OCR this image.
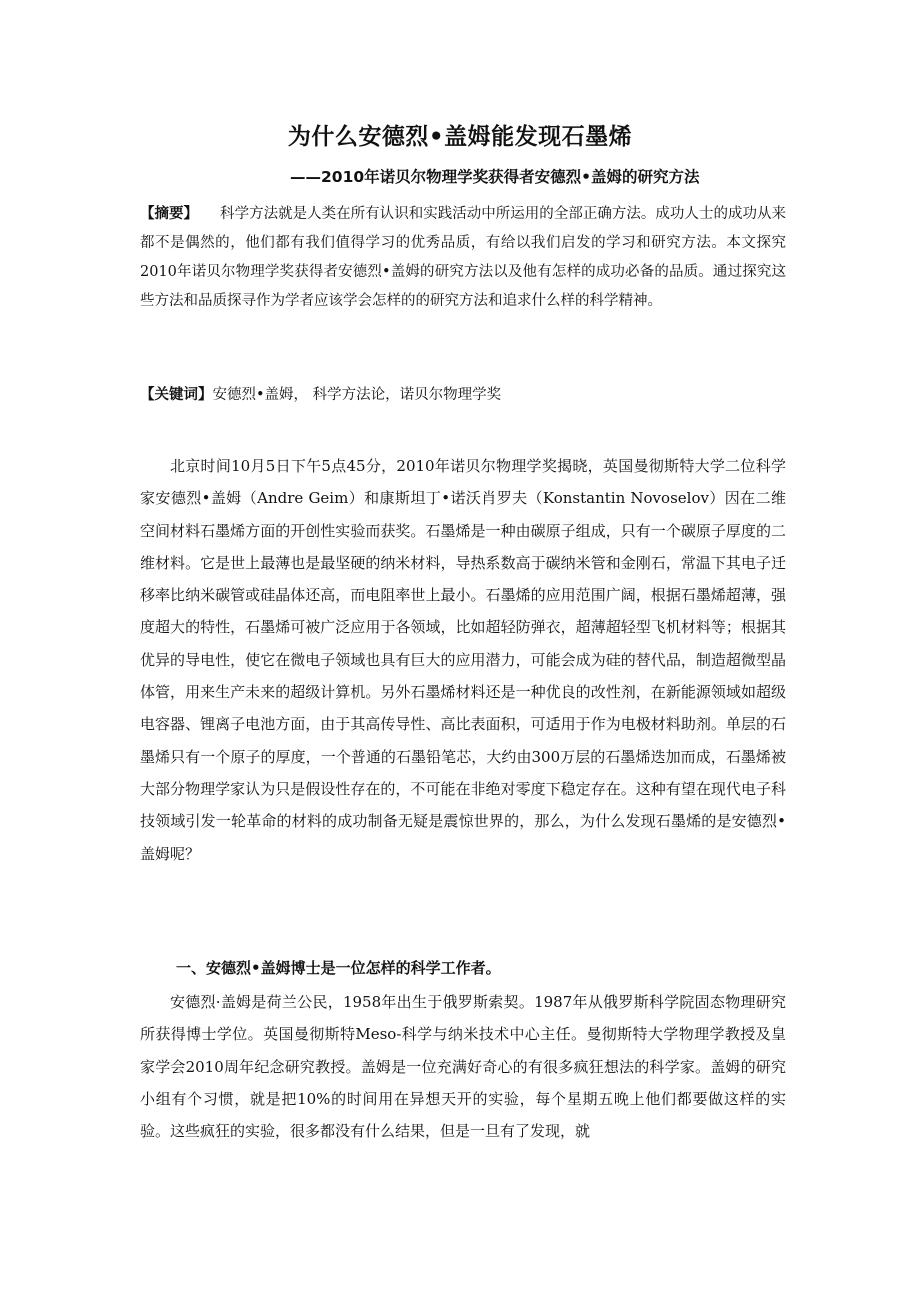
为什么安德烈•盖姆能发现石墨烯
——2010年诺贝尔物理学奖获得者安德烈•盖姆的研究方法
【摘要】 科学方法就是人类在所有认识和实践活动中所运用的全部正确方法。成功人士的成功从来都不是偶然的，他们都有我们值得学习的优秀品质，有给以我们启发的学习和研究方法。本文探究2010年诺贝尔物理学奖获得者安德烈•盖姆的研究方法以及他有怎样的成功必备的品质。通过探究这些方法和品质探寻作为学者应该学会怎样的的研究方法和追求什么样的科学精神。
【关键词】安德烈•盖姆， 科学方法论，诺贝尔物理学奖
北京时间10月5日下午5点45分，2010年诺贝尔物理学奖揭晓，英国曼彻斯特大学二位科学家安德烈•盖姆（Andre Geim）和康斯坦丁•诺沃肖罗夫（Konstantin Novoselov）因在二维空间材料石墨烯方面的开创性实验而获奖。石墨烯是一种由碳原子组成，只有一个碳原子厚度的二维材料。它是世上最薄也是最坚硬的纳米材料，导热系数高于碳纳米管和金刚石，常温下其电子迁移率比纳米碳管或硅晶体还高，而电阻率世上最小。石墨烯的应用范围广阔，根据石墨烯超薄，强度超大的特性，石墨烯可被广泛应用于各领域，比如超轻防弹衣，超薄超轻型飞机材料等；根据其优异的导电性，使它在微电子领域也具有巨大的应用潜力，可能会成为硅的替代品，制造超微型晶体管，用来生产未来的超级计算机。另外石墨烯材料还是一种优良的改性剂，在新能源领域如超级电容器、锂离子电池方面，由于其高传导性、高比表面积，可适用于作为电极材料助剂。单层的石墨烯只有一个原子的厚度，一个普通的石墨铅笔芯，大约由300万层的石墨烯迭加而成，石墨烯被大部分物理学家认为只是假设性存在的，不可能在非绝对零度下稳定存在。这种有望在现代电子科技领域引发一轮革命的材料的成功制备无疑是震惊世界的，那么，为什么发现石墨烯的是安德烈•盖姆呢？
一、安德烈•盖姆博士是一位怎样的科学工作者。
安德烈·盖姆是荷兰公民，1958年出生于俄罗斯索契。1987年从俄罗斯科学院固态物理研究所获得博士学位。英国曼彻斯特Meso-科学与纳米技术中心主任。曼彻斯特大学物理学教授及皇家学会2010周年纪念研究教授。盖姆是一位充满好奇心的有很多疯狂想法的科学家。盖姆的研究小组有个习惯，就是把10%的时间用在异想天开的实验，每个星期五晚上他们都要做这样的实验。这些疯狂的实验，很多都没有什么结果，但是一旦有了发现，就
